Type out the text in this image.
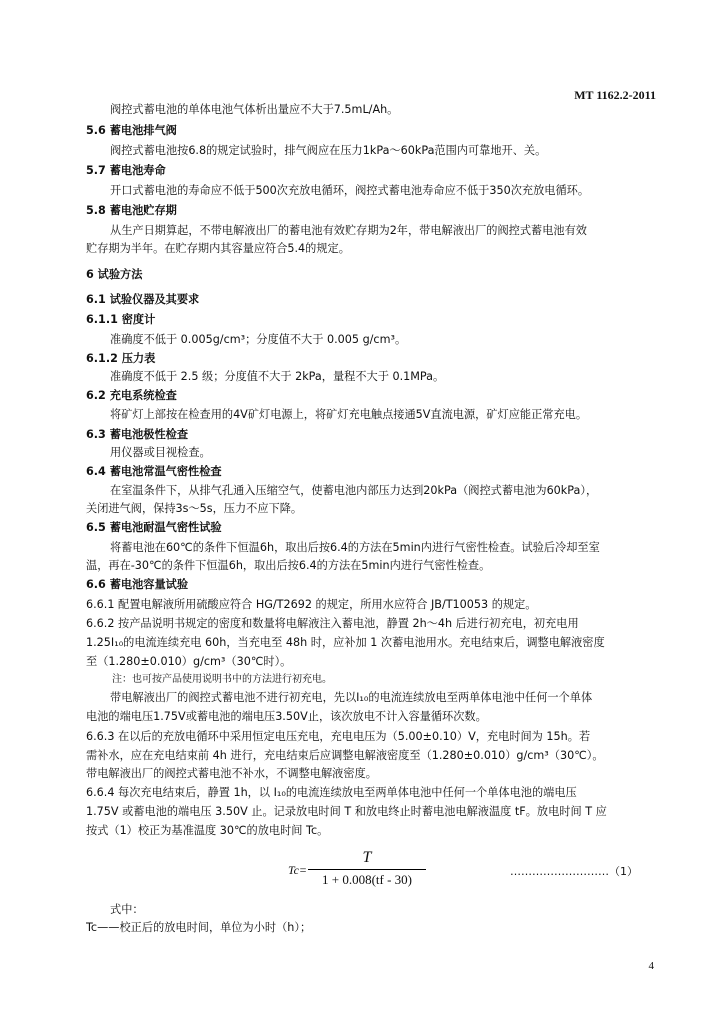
MT 1162.2-2011
阀控式蓄电池的单体电池气体析出量应不大于7.5mL/Ah。
5.6 蓄电池排气阀
阀控式蓄电池按6.8的规定试验时，排气阀应在压力1kPa～60kPa范围内可靠地开、关。
5.7 蓄电池寿命
开口式蓄电池的寿命应不低于500次充放电循环，阀控式蓄电池寿命应不低于350次充放电循环。
5.8 蓄电池贮存期
从生产日期算起，不带电解液出厂的蓄电池有效贮存期为2年，带电解液出厂的阀控式蓄电池有效
贮存期为半年。在贮存期内其容量应符合5.4的规定。
6 试验方法
6.1 试验仪器及其要求
6.1.1 密度计
准确度不低于 0.005g/cm³；分度值不大于 0.005 g/cm³。
6.1.2 压力表
准确度不低于 2.5 级；分度值不大于 2kPa，量程不大于 0.1MPa。
6.2 充电系统检查
将矿灯上部按在检查用的4V矿灯电源上，将矿灯充电触点接通5V直流电源，矿灯应能正常充电。
6.3 蓄电池极性检查
用仪器或目视检查。
6.4 蓄电池常温气密性检查
在室温条件下，从排气孔通入压缩空气，使蓄电池内部压力达到20kPa（阀控式蓄电池为60kPa），
关闭进气阀，保持3s～5s，压力不应下降。
6.5 蓄电池耐温气密性试验
将蓄电池在60℃的条件下恒温6h，取出后按6.4的方法在5min内进行气密性检查。试验后冷却至室
温，再在-30℃的条件下恒温6h，取出后按6.4的方法在5min内进行气密性检查。
6.6 蓄电池容量试验
6.6.1 配置电解液所用硫酸应符合 HG/T2692 的规定，所用水应符合 JB/T10053 的规定。
6.6.2 按产品说明书规定的密度和数量将电解液注入蓄电池，静置 2h～4h 后进行初充电，初充电用
1.25I₁₀的电流连续充电 60h，当充电至 48h 时，应补加 1 次蓄电池用水。充电结束后，调整电解液密度
至（1.280±0.010）g/cm³（30℃时）。
注：也可按产品使用说明书中的方法进行初充电。
带电解液出厂的阀控式蓄电池不进行初充电，先以I₁₀的电流连续放电至两单体电池中任何一个单体
电池的端电压1.75V或蓄电池的端电压3.50V止，该次放电不计入容量循环次数。
6.6.3 在以后的充放电循环中采用恒定电压充电，充电电压为（5.00±0.10）V，充电时间为 15h。若
需补水，应在充电结束前 4h 进行，充电结束后应调整电解液密度至（1.280±0.010）g/cm³（30℃）。
带电解液出厂的阀控式蓄电池不补水，不调整电解液密度。
6.6.4 每次充电结束后，静置 1h，以 I₁₀的电流连续放电至两单体电池中任何一个单体电池的端电压
1.75V 或蓄电池的端电压 3.50V 止。记录放电时间 T 和放电终止时蓄电池电解液温度 tF。放电时间 T 应
按式（1）校正为基准温度 30℃的放电时间 Tc。
Tc=
T
1 + 0.008(tf - 30)
………………………（1）
式中：
Tc——校正后的放电时间，单位为小时（h）；
4
